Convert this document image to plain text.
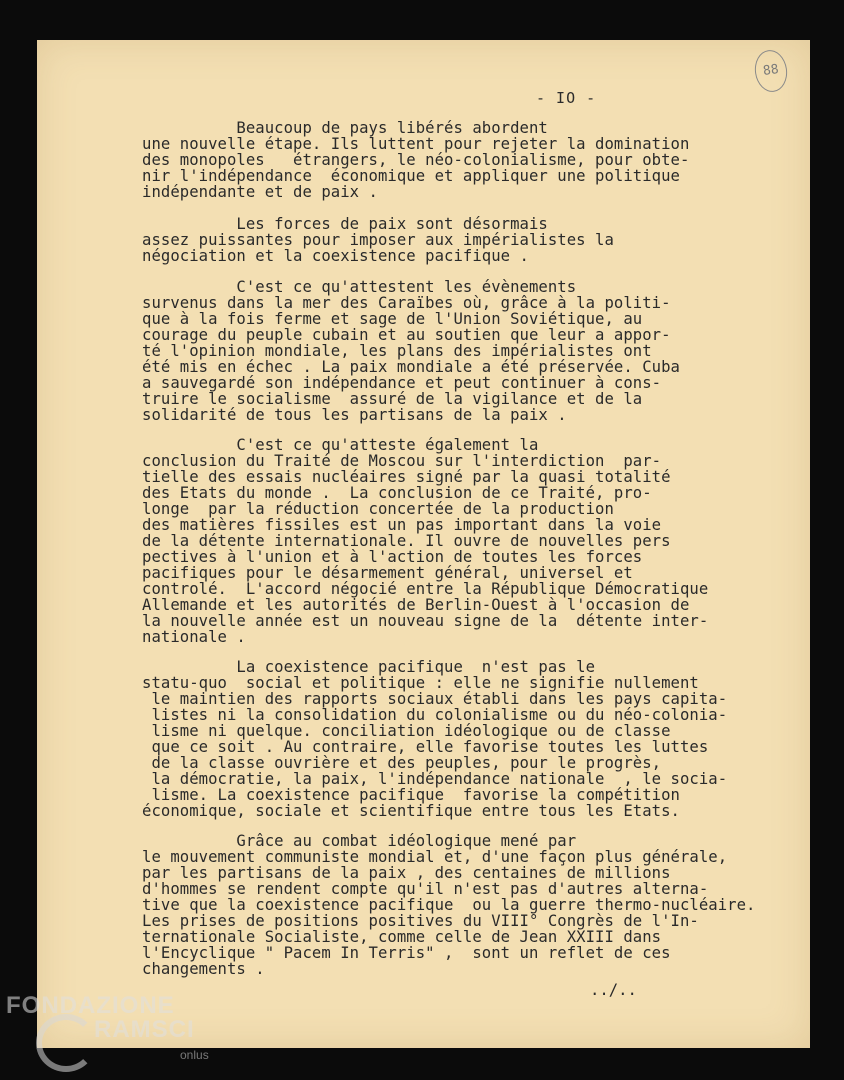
88
- IO -
Beaucoup de pays libérés abordent
une nouvelle étape. Ils luttent pour rejeter la domination
des monopoles   étrangers, le néo-colonialisme, pour obte-
nir l'indépendance  économique et appliquer une politique
indépendante et de paix .
Les forces de paix sont désormais
assez puissantes pour imposer aux impérialistes la
négociation et la coexistence pacifique .
C'est ce qu'attestent les évènements
survenus dans la mer des Caraïbes où, grâce à la politi-
que à la fois ferme et sage de l'Union Soviétique, au
courage du peuple cubain et au soutien que leur a appor-
té l'opinion mondiale, les plans des impérialistes ont
été mis en échec . La paix mondiale a été préservée. Cuba
a sauvegardé son indépendance et peut continuer à cons-
truire le socialisme  assuré de la vigilance et de la
solidarité de tous les partisans de la paix .
C'est ce qu'atteste également la
conclusion du Traité de Moscou sur l'interdiction  par-
tielle des essais nucléaires signé par la quasi totalité
des Etats du monde .  La conclusion de ce Traité, pro-
longe  par la réduction concertée de la production
des matières fissiles est un pas important dans la voie
de la détente internationale. Il ouvre de nouvelles pers
pectives à l'union et à l'action de toutes les forces
pacifiques pour le désarmement général, universel et
controlé.  L'accord négocié entre la République Démocratique
Allemande et les autorités de Berlin-Ouest à l'occasion de
la nouvelle année est un nouveau signe de la  détente inter-
nationale .
La coexistence pacifique  n'est pas le
statu-quo  social et politique : elle ne signifie nullement
le maintien des rapports sociaux établi dans les pays capita-
listes ni la consolidation du colonialisme ou du néo-colonia-
lisme ni quelque. conciliation idéologique ou de classe
que ce soit . Au contraire, elle favorise toutes les luttes
de la classe ouvrière et des peuples, pour le progrès,
la démocratie, la paix, l'indépendance nationale  , le socia-
lisme. La coexistence pacifique  favorise la compétition
économique, sociale et scientifique entre tous les Etats.
Grâce au combat idéologique mené par
le mouvement communiste mondial et, d'une façon plus générale,
par les partisans de la paix , des centaines de millions
d'hommes se rendent compte qu'il n'est pas d'autres alterna-
tive que la coexistence pacifique  ou la guerre thermo-nucléaire.
Les prises de positions positives du VIII° Congrès de l'In-
ternationale Socialiste, comme celle de Jean XXIII dans
l'Encyclique " Pacem In Terris" ,  sont un reflet de ces
changements .
../..
FONDAZIONE
RAMSCI
onlus
